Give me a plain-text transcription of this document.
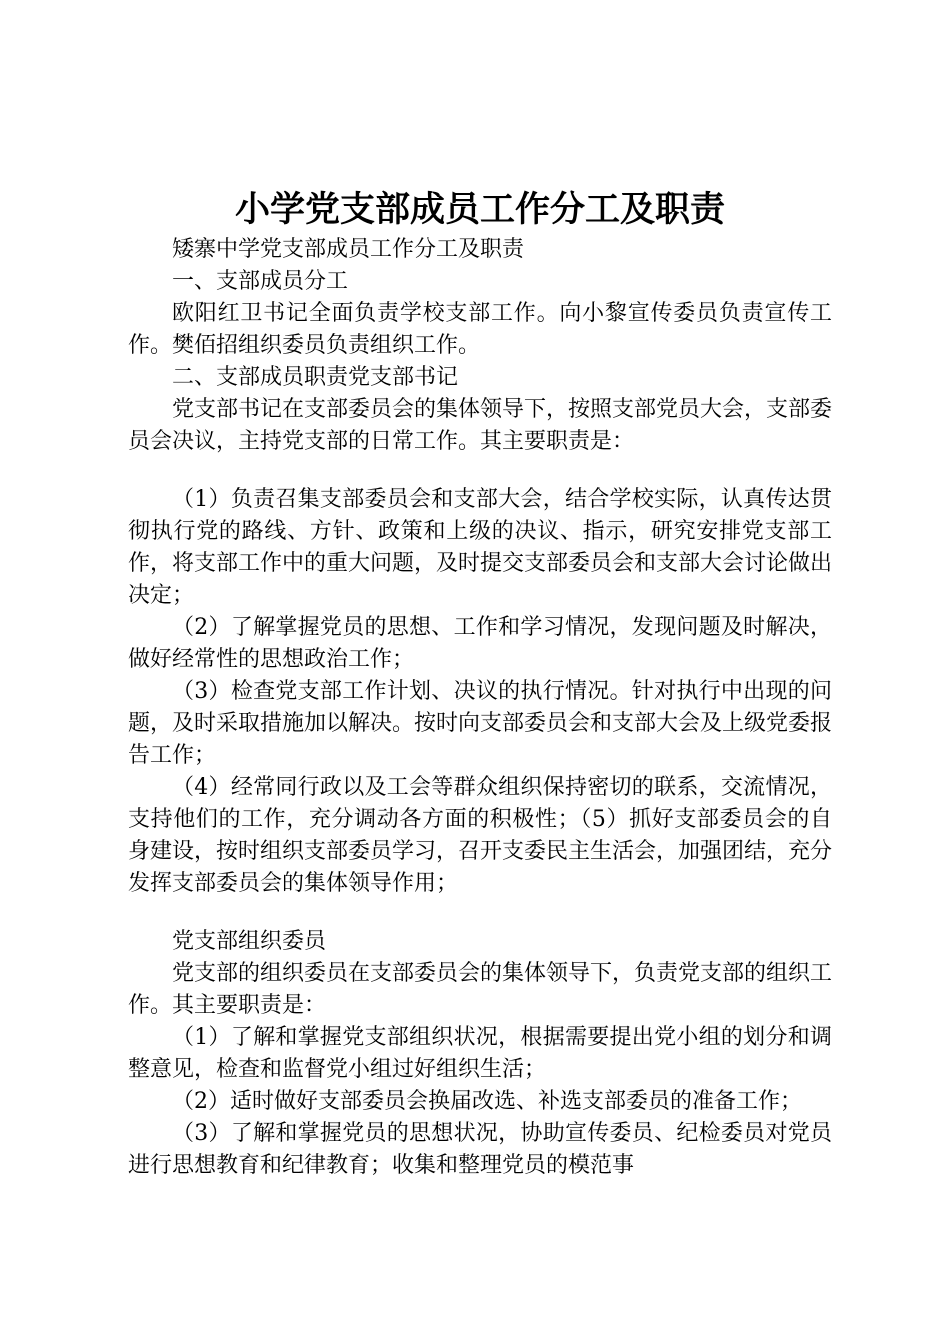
小学党支部成员工作分工及职责

矮寨中学党支部成员工作分工及职责

一、支部成员分工

欧阳红卫书记全面负责学校支部工作。向小黎宣传委员负责宣传工作。樊佰招组织委员负责组织工作。

二、支部成员职责党支部书记

党支部书记在支部委员会的集体领导下，按照支部党员大会，支部委员会决议，主持党支部的日常工作。其主要职责是：

（1）负责召集支部委员会和支部大会，结合学校实际，认真传达贯彻执行党的路线、方针、政策和上级的决议、指示，研究安排党支部工作，将支部工作中的重大问题，及时提交支部委员会和支部大会讨论做出决定；

（2）了解掌握党员的思想、工作和学习情况，发现问题及时解决，做好经常性的思想政治工作；

（3）检查党支部工作计划、决议的执行情况。针对执行中出现的问题，及时采取措施加以解决。按时向支部委员会和支部大会及上级党委报告工作；

（4）经常同行政以及工会等群众组织保持密切的联系，交流情况，支持他们的工作，充分调动各方面的积极性；（5）抓好支部委员会的自身建设，按时组织支部委员学习，召开支委民主生活会，加强团结，充分发挥支部委员会的集体领导作用；

党支部组织委员

党支部的组织委员在支部委员会的集体领导下，负责党支部的组织工作。其主要职责是：

（1）了解和掌握党支部组织状况，根据需要提出党小组的划分和调整意见，检查和监督党小组过好组织生活；

（2）适时做好支部委员会换届改选、补选支部委员的准备工作；

（3）了解和掌握党员的思想状况，协助宣传委员、纪检委员对党员进行思想教育和纪律教育；收集和整理党员的模范事
